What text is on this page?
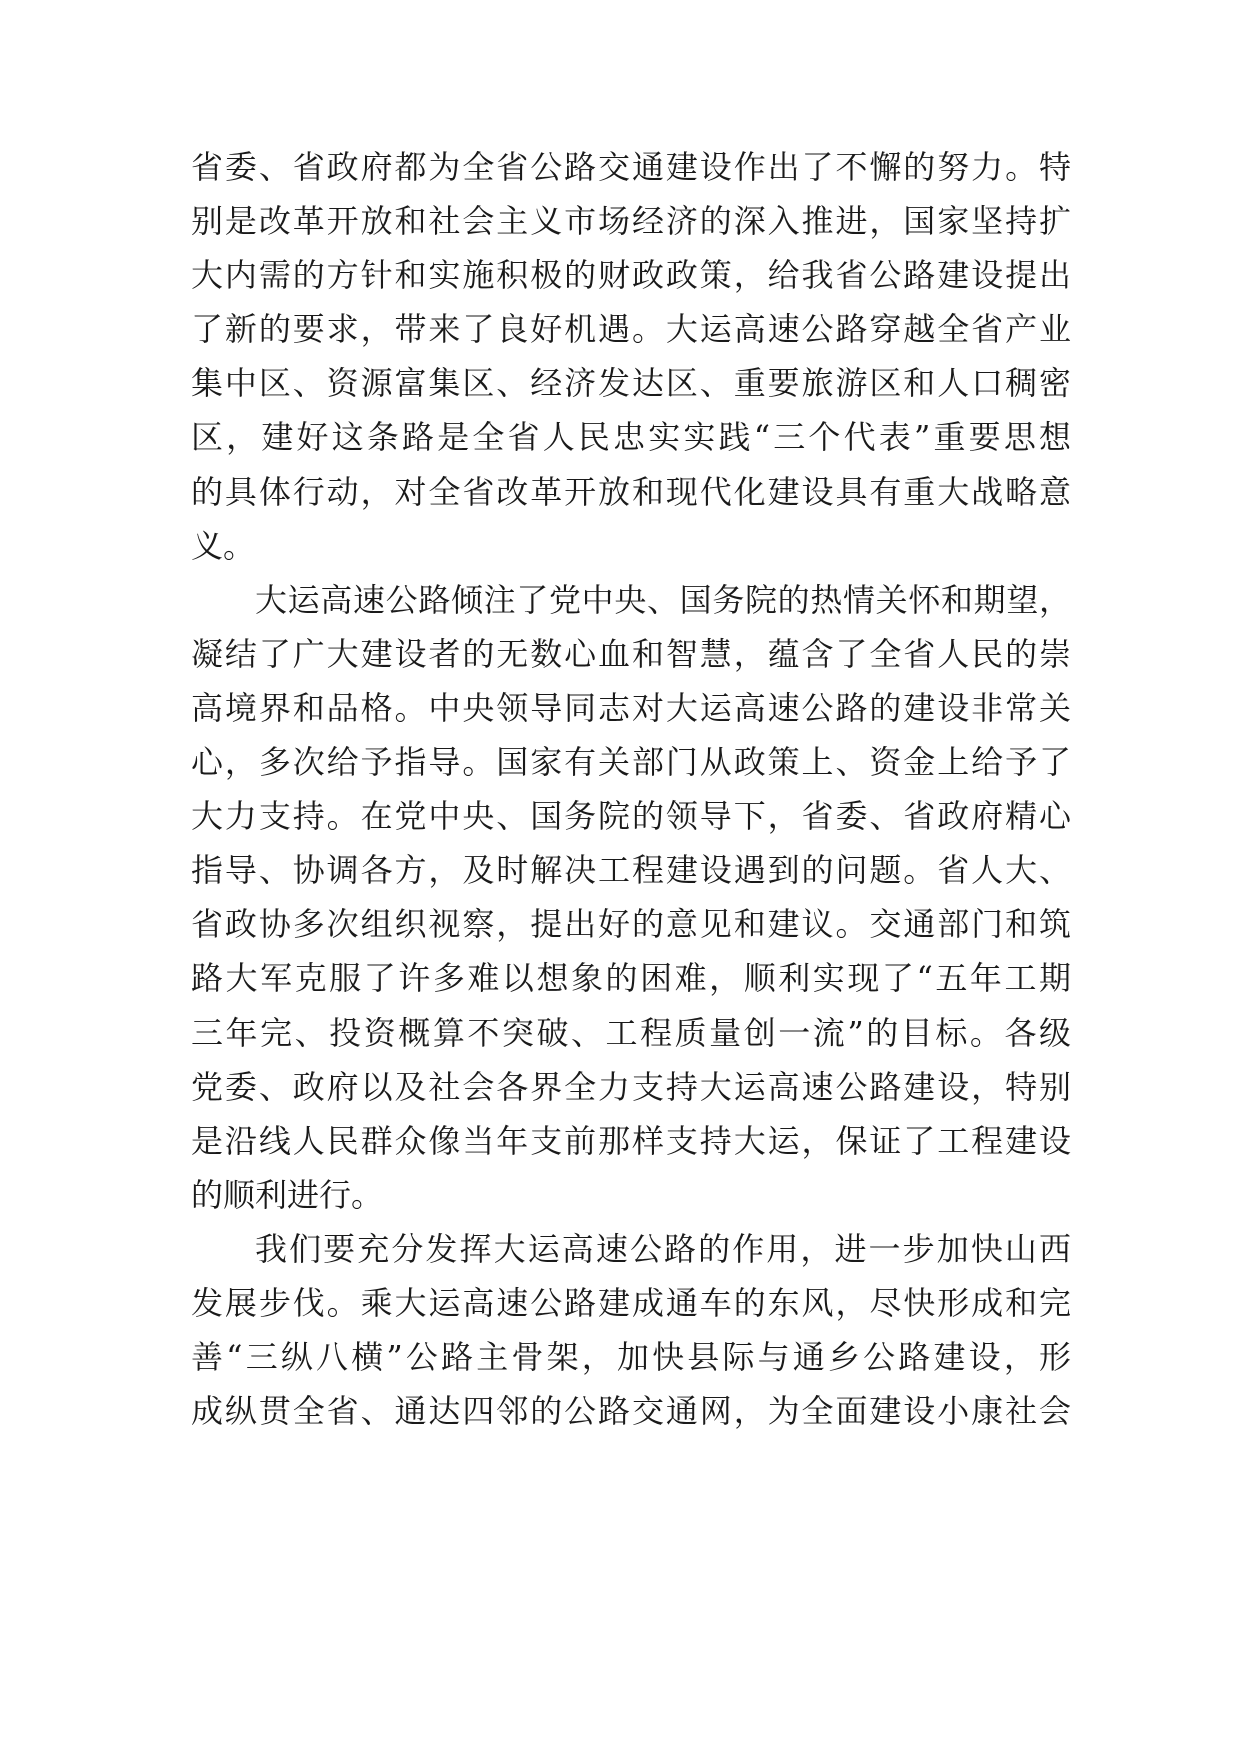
省委、省政府都为全省公路交通建设作出了不懈的努力。特
别是改革开放和社会主义市场经济的深入推进，国家坚持扩
大内需的方针和实施积极的财政政策，给我省公路建设提出
了新的要求，带来了良好机遇。大运高速公路穿越全省产业
集中区、资源富集区、经济发达区、重要旅游区和人口稠密
区，建好这条路是全省人民忠实实践“三个代表”重要思想
的具体行动，对全省改革开放和现代化建设具有重大战略意
义。
大运高速公路倾注了党中央、国务院的热情关怀和期望，
凝结了广大建设者的无数心血和智慧，蕴含了全省人民的崇
高境界和品格。中央领导同志对大运高速公路的建设非常关
心，多次给予指导。国家有关部门从政策上、资金上给予了
大力支持。在党中央、国务院的领导下，省委、省政府精心
指导、协调各方，及时解决工程建设遇到的问题。省人大、
省政协多次组织视察，提出好的意见和建议。交通部门和筑
路大军克服了许多难以想象的困难，顺利实现了“五年工期
三年完、投资概算不突破、工程质量创一流”的目标。各级
党委、政府以及社会各界全力支持大运高速公路建设，特别
是沿线人民群众像当年支前那样支持大运，保证了工程建设
的顺利进行。
我们要充分发挥大运高速公路的作用，进一步加快山西
发展步伐。乘大运高速公路建成通车的东风，尽快形成和完
善“三纵八横”公路主骨架，加快县际与通乡公路建设，形
成纵贯全省、通达四邻的公路交通网，为全面建设小康社会
